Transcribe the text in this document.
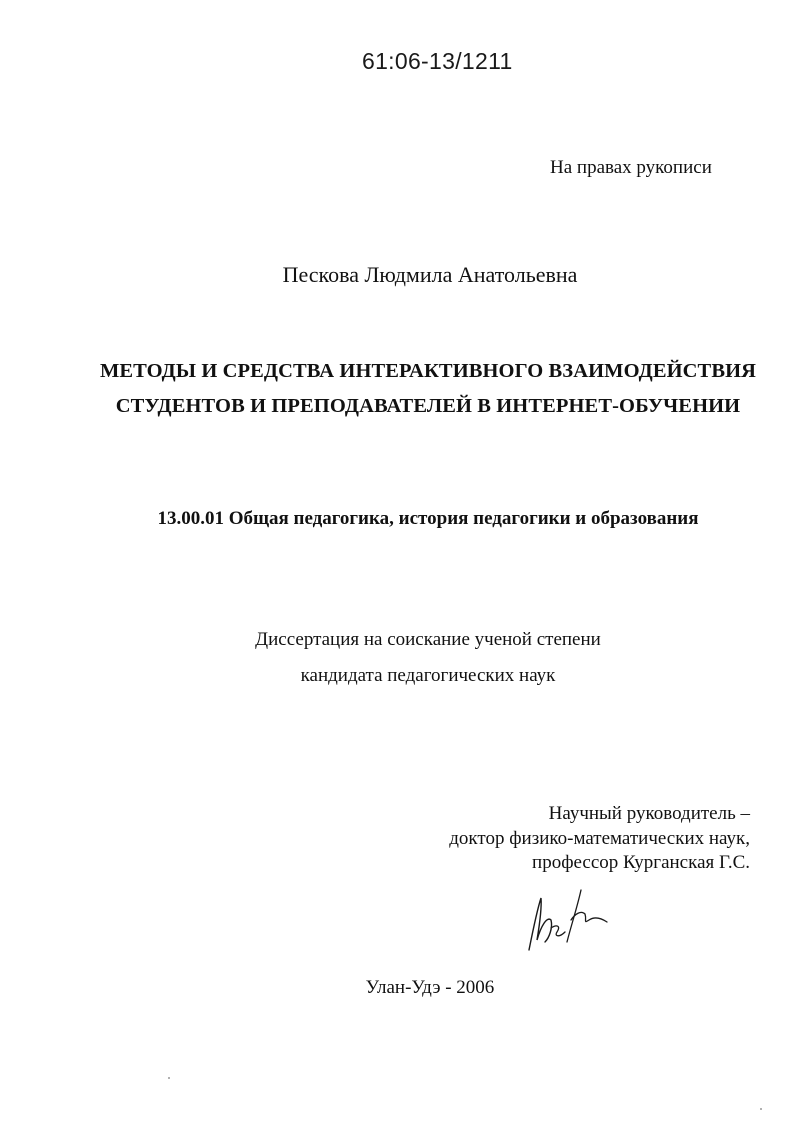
61:06-13/1211
На правах рукописи
Пескова Людмила Анатольевна
МЕТОДЫ И СРЕДСТВА ИНТЕРАКТИВНОГО ВЗАИМОДЕЙСТВИЯ
СТУДЕНТОВ И ПРЕПОДАВАТЕЛЕЙ В ИНТЕРНЕТ-ОБУЧЕНИИ
13.00.01 Общая педагогика, история педагогики и образования
Диссертация на соискание ученой степени
кандидата педагогических наук
Научный руководитель –
доктор физико-математических наук,
профессор Курганская Г.С.
Улан-Удэ - 2006
